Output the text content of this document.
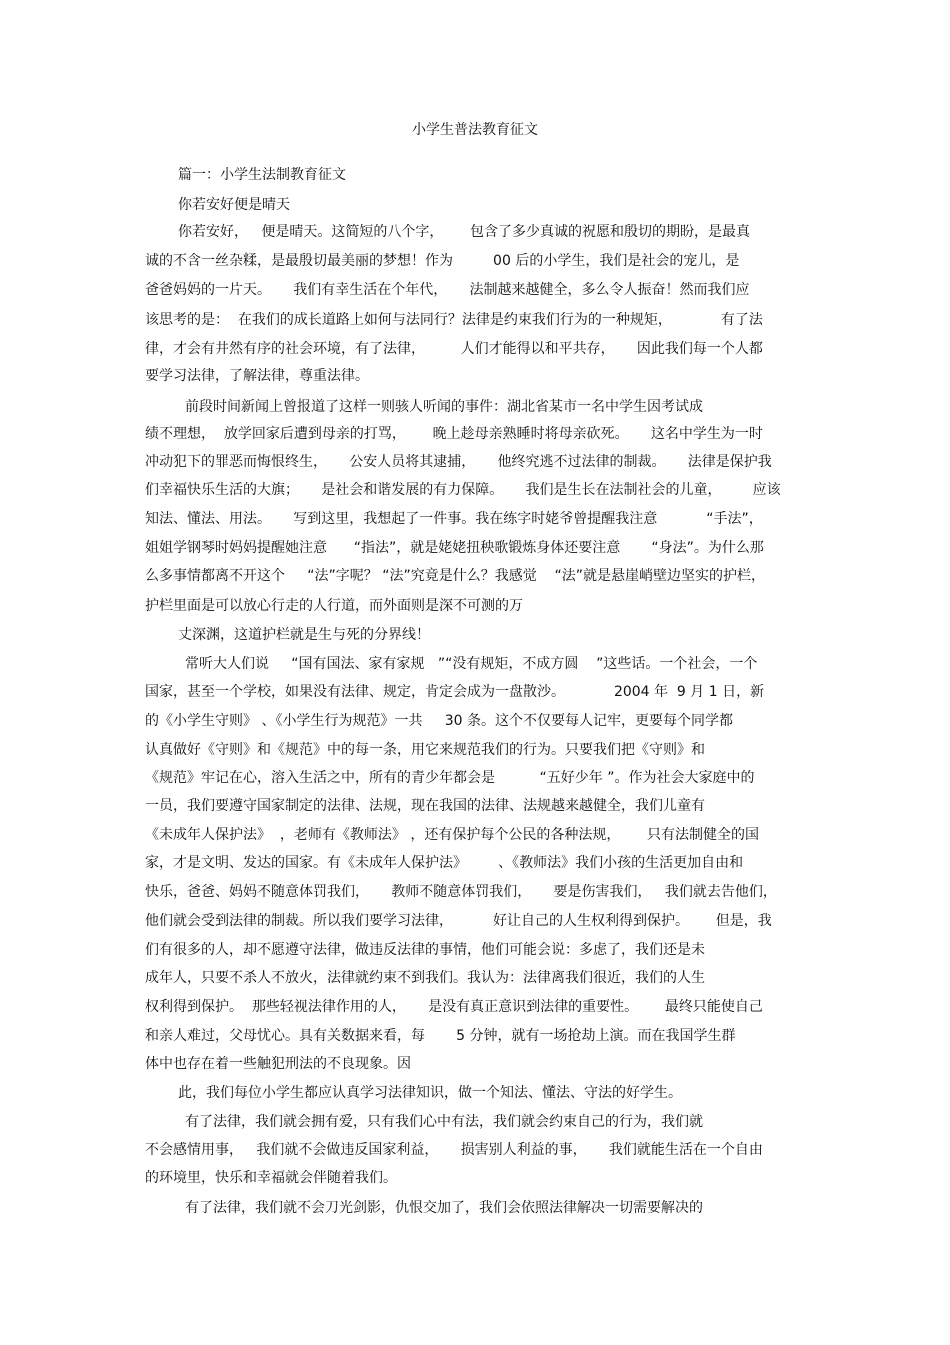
小学生普法教育征文
篇一：小学生法制教育征文
你若安好便是晴天
你若安好，   便是晴天。这简短的八个字，      包含了多少真诚的祝愿和殷切的期盼，是最真
诚的不含一丝杂糅，是最殷切最美丽的梦想！作为         00 后的小学生，我们是社会的宠儿，是
爸爸妈妈的一片天。     我们有幸生活在个年代，     法制越来越健全，多么令人振奋！然而我们应
该思考的是：  在我们的成长道路上如何与法同行？法律是约束我们行为的一种规矩，           有了法
律，才会有井然有序的社会环境，有了法律，        人们才能得以和平共存，     因此我们每一个人都
要学习法律，了解法律，尊重法律。
前段时间新闻上曾报道了这样一则骇人听闻的事件：湖北省某市一名中学生因考试成
绩不理想，  放学回家后遭到母亲的打骂，      晚上趁母亲熟睡时将母亲砍死。     这名中学生为一时
冲动犯下的罪恶而悔恨终生，     公安人员将其逮捕，     他终究逃不过法律的制裁。     法律是保护我
们幸福快乐生活的大旗；     是社会和谐发展的有力保障。     我们是生长在法制社会的儿童，       应该
知法、懂法、用法。     写到这里，我想起了一件事。我在练字时姥爷曾提醒我注意           “手法”，
姐姐学钢琴时妈妈提醒她注意      “指法”，就是姥姥扭秧歌锻炼身体还要注意       “身法”。为什么那
么多事情都离不开这个     “法”字呢？ “法”究竟是什么？我感觉    “法”就是悬崖峭壁边坚实的护栏，
护栏里面是可以放心行走的人行道，而外面则是深不可测的万
丈深渊，这道护栏就是生与死的分界线！
常听大人们说     “国有国法、家有家规   ”“没有规矩，不成方圆    ”这些话。一个社会，一个
国家，甚至一个学校，如果没有法律、规定，肯定会成为一盘散沙。           2004 年  9 月 1 日，新
的《小学生守则》 、《小学生行为规范》一共     30 条。这个不仅要每人记牢，更要每个同学都
认真做好《守则》和《规范》中的每一条，用它来规范我们的行为。只要我们把《守则》和
《规范》牢记在心，溶入生活之中，所有的青少年都会是          “五好少年 ”。作为社会大家庭中的
一员，我们要遵守国家制定的法律、法规，现在我国的法律、法规越来越健全，我们儿童有
《未成年人保护法》  ，老师有《教师法》 ，还有保护每个公民的各种法规，      只有法制健全的国
家，才是文明、发达的国家。有《未成年人保护法》       、《教师法》我们小孩的生活更加自由和
快乐，爸爸、妈妈不随意体罚我们，     教师不随意体罚我们，     要是伤害我们，   我们就去告他们，
他们就会受到法律的制裁。所以我们要学习法律，         好让自己的人生权利得到保护。      但是，我
们有很多的人，却不愿遵守法律，做违反法律的事情，他们可能会说：多虑了，我们还是未
成年人，只要不杀人不放火，法律就约束不到我们。我认为：法律离我们很近，我们的人生
权利得到保护。  那些轻视法律作用的人，     是没有真正意识到法律的重要性。      最终只能使自己
和亲人难过，父母忧心。具有关数据来看，每       5 分钟，就有一场抢劫上演。而在我国学生群
体中也存在着一些触犯刑法的不良现象。因
此，我们每位小学生都应认真学习法律知识，做一个知法、懂法、守法的好学生。
有了法律，我们就会拥有爱，只有我们心中有法，我们就会约束自己的行为，我们就
不会感情用事，   我们就不会做违反国家利益，     损害别人利益的事，     我们就能生活在一个自由
的环境里，快乐和幸福就会伴随着我们。
有了法律，我们就不会刀光剑影，仇恨交加了，我们会依照法律解决一切需要解决的
